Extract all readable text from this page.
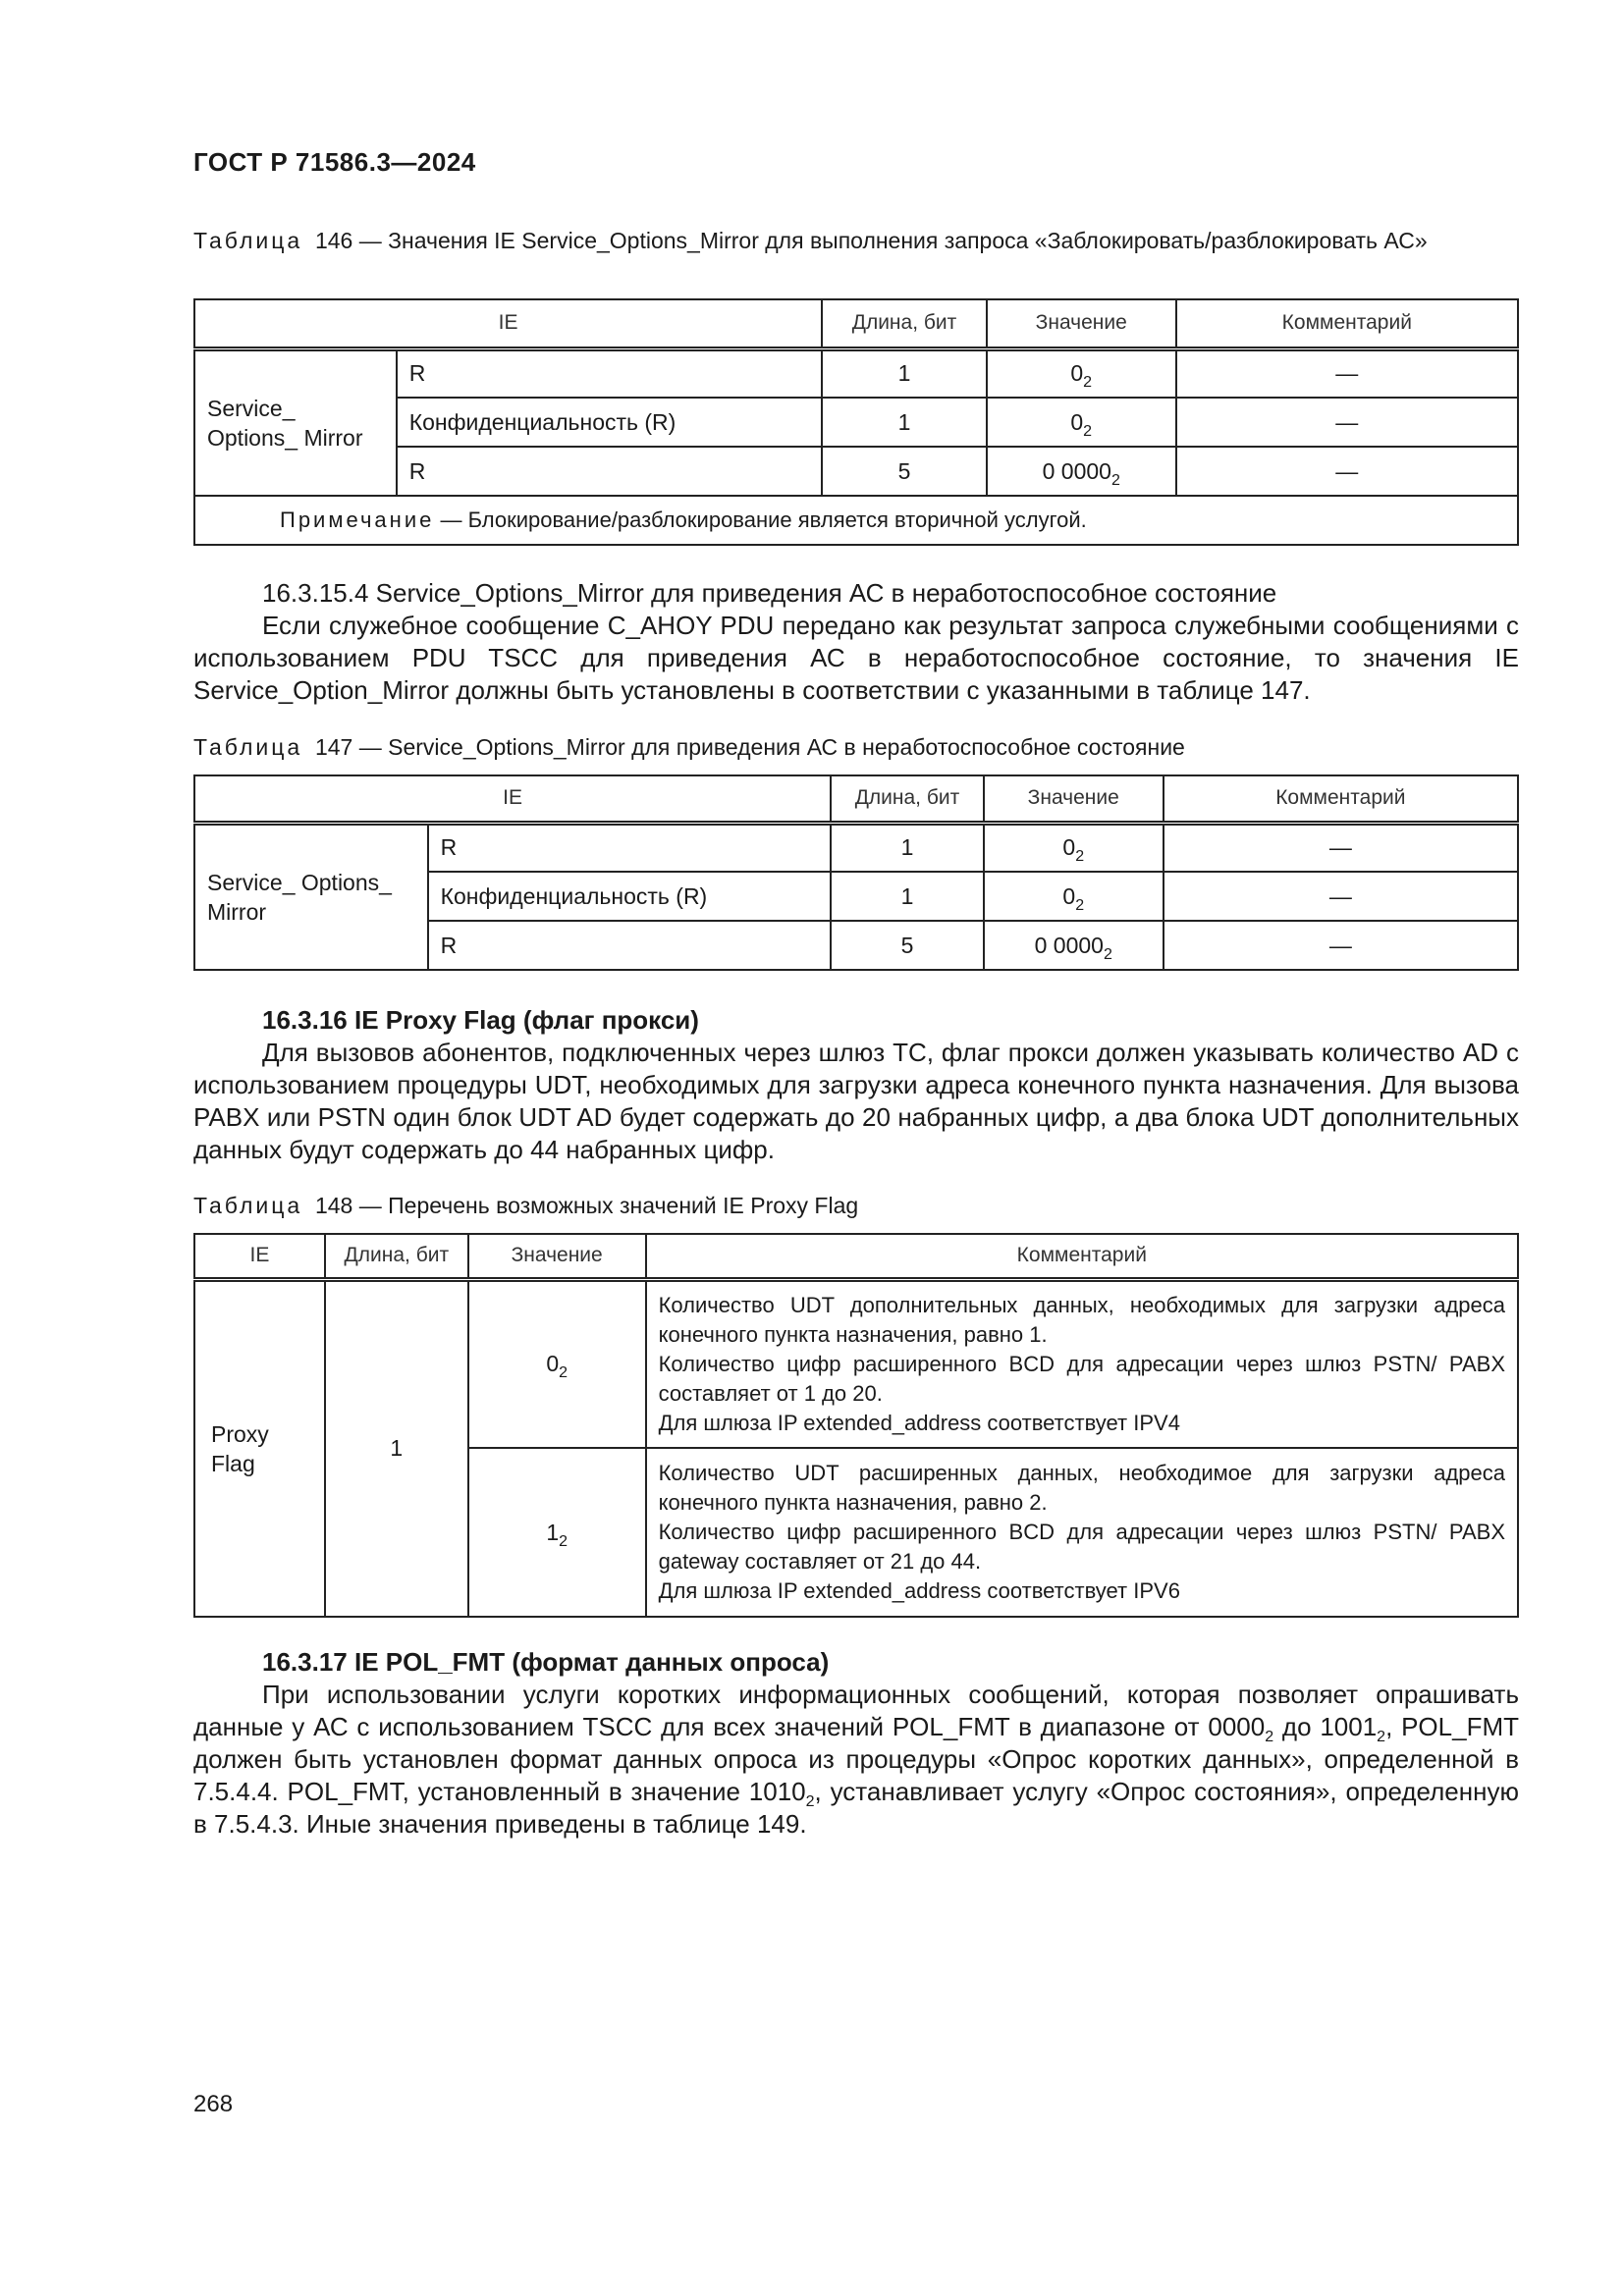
ГОСТ Р 71586.3—2024
Таблица 146 — Значения IE Service_Options_Mirror для выполнения запроса «Заблокировать/разблокировать АС»
IE		Длина, бит	Значение	Комментарий
Service_ Options_ Mirror	R	1	$0_2$	—
	Конфиденциальность (R)	1	$0_2$	—
	R	5	0 $0000_2$	—
Примечание — Блокирование/разблокирование является вторичной услугой.				
16.3.15.4 Service_Options_Mirror для приведения АС в неработоспособное состояние
Если служебное сообщение C_AHOY PDU передано как результат запроса служебными сообщениями с использованием PDU TSCC для приведения АС в неработоспособное состояние, то значения IE Service_Option_Mirror должны быть установлены в соответствии с указанными в таблице 147.
Таблица 147 — Service_Options_Mirror для приведения АС в неработоспособное состояние
IE		Длина, бит	Значение	Комментарий
Service_ Options_ Mirror	R	1	$0_2$	—
	Конфиденциальность (R)	1	$0_2$	—
	R	5	0 $0000_2$	—
16.3.16 IE Proxy Flag (флаг прокси)
Для вызовов абонентов, подключенных через шлюз ТС, флаг прокси должен указывать количество AD с использованием процедуры UDT, необходимых для загрузки адреса конечного пункта назначения. Для вызова PABX или PSTN один блок UDT AD будет содержать до 20 набранных цифр, а два блока UDT дополнительных данных будут содержать до 44 набранных цифр.
Таблица 148 — Перечень возможных значений IE Proxy Flag
IE	Длина, бит	Значение	Комментарий
Proxy Flag	1	$0_2$	Количество UDT дополнительных данных, необходимых для загрузки адреса конечного пункта назначения, равно 1.
Количество цифр расширенного BCD для адресации через шлюз PSTN/ PABX составляет от 1 до 20.
Для шлюза IP extended_address соответствует IPV4

		$1_2$	Количество UDT расширенных данных, необходимое для загрузки адреса конечного пункта назначения, равно 2.
Количество цифр расширенного BCD для адресации через шлюз PSTN/ PABX gateway составляет от 21 до 44.
Для шлюза IP extended_address соответствует IPV6
16.3.17 IE POL_FMT (формат данных опроса)
При использовании услуги коротких информационных сообщений, которая позволяет опрашивать данные у АС с использованием TSCC для всех значений POL_FMT в диапазоне от $0000_2$ до $1001_2$, POL_FMT должен быть установлен формат данных опроса из процедуры «Опрос коротких данных», определенной в 7.5.4.4. POL_FMT, установленный в значение $1010_2$, устанавливает услугу «Опрос состояния», определенную в 7.5.4.3. Иные значения приведены в таблице 149.
268
